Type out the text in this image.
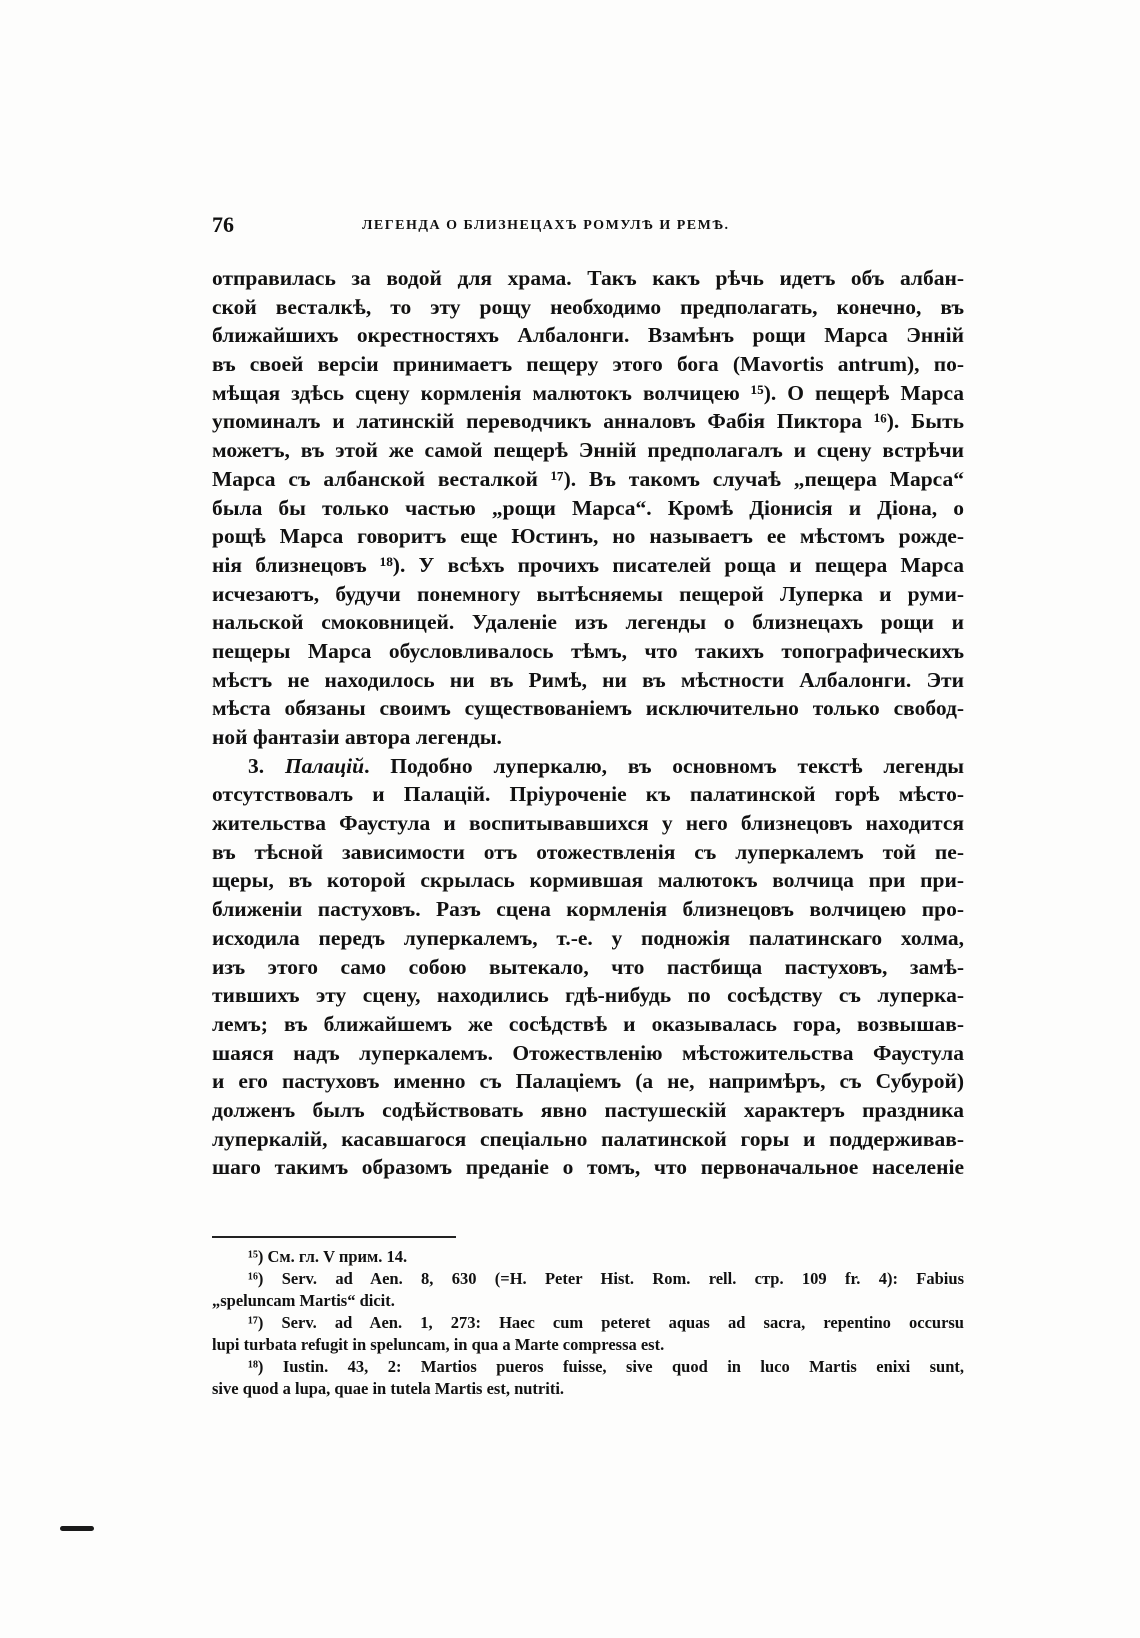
76	ЛЕГЕНДА О БЛИЗНЕЦАХЪ РОМУЛѢ И РЕМѢ.
отправилась за водой для храма. Такъ какъ рѣчь идетъ объ албан-
ской весталкѣ, то эту рощу необходимо предполагать, конечно, въ
ближайшихъ окрестностяхъ Албалонги. Взамѣнъ рощи Марса Энній
въ своей версіи принимаетъ пещеру этого бога (Mavortis antrum), по-
мѣщая здѣсь сцену кормленія малютокъ волчицею ¹⁵). О пещерѣ Марса
упоминалъ и латинскій переводчикъ анналовъ Фабія Пиктора ¹⁶). Быть
можетъ, въ этой же самой пещерѣ Энній предполагалъ и сцену встрѣчи
Марса съ албанской весталкой ¹⁷). Въ такомъ случаѣ „пещера Марса“
была бы только частью „рощи Марса“. Кромѣ Діонисія и Діона, о
рощѣ Марса говоритъ еще Юстинъ, но называетъ ее мѣстомъ рожде-
нія близнецовъ ¹⁸). У всѣхъ прочихъ писателей роща и пещера Марса
исчезаютъ, будучи понемногу вытѣсняемы пещерой Луперка и руми-
нальской смоковницей. Удаленіе изъ легенды о близнецахъ рощи и
пещеры Марса обусловливалось тѣмъ, что такихъ топографическихъ
мѣстъ не находилось ни въ Римѣ, ни въ мѣстности Албалонги. Эти
мѣста обязаны своимъ существованіемъ исключительно только свобод-
ной фантазіи автора легенды.
3. Палацій. Подобно луперкалю, въ основномъ текстѣ легенды
отсутствовалъ и Палацій. Пріуроченіе къ палатинской горѣ мѣсто-
жительства Фаустула и воспитывавшихся у него близнецовъ находится
въ тѣсной зависимости отъ отожествленія съ луперкалемъ той пе-
щеры, въ которой скрылась кормившая малютокъ волчица при при-
ближеніи пастуховъ. Разъ сцена кормленія близнецовъ волчицею про-
исходила передъ луперкалемъ, т.-е. у подножія палатинскаго холма,
изъ этого само собою вытекало, что пастбища пастуховъ, замѣ-
тившихъ эту сцену, находились гдѣ-нибудь по сосѣдству съ луперка-
лемъ; въ ближайшемъ же сосѣдствѣ и оказывалась гора, возвышав-
шаяся надъ луперкалемъ. Отожествленію мѣстожительства Фаустула
и его пастуховъ именно съ Палаціемъ (а не, напримѣръ, съ Субурой)
долженъ былъ содѣйствовать явно пастушескій характеръ праздника
луперкалій, касавшагося спеціально палатинской горы и поддерживав-
шаго такимъ образомъ преданіе о томъ, что первоначальное населеніе
¹⁵) См. гл. V прим. 14.
¹⁶) Serv. ad Aen. 8, 630 (=H. Peter Hist. Rom. rell. стр. 109 fr. 4): Fabius
„speluncam Martis“ dicit.
¹⁷) Serv. ad Aen. 1, 273: Haec cum peteret aquas ad sacra, repentino occursu
lupi turbata refugit in speluncam, in qua a Marte compressa est.
¹⁸) Iustin. 43, 2: Martios pueros fuisse, sive quod in luco Martis enixi sunt,
sive quod a lupa, quae in tutela Martis est, nutriti.
